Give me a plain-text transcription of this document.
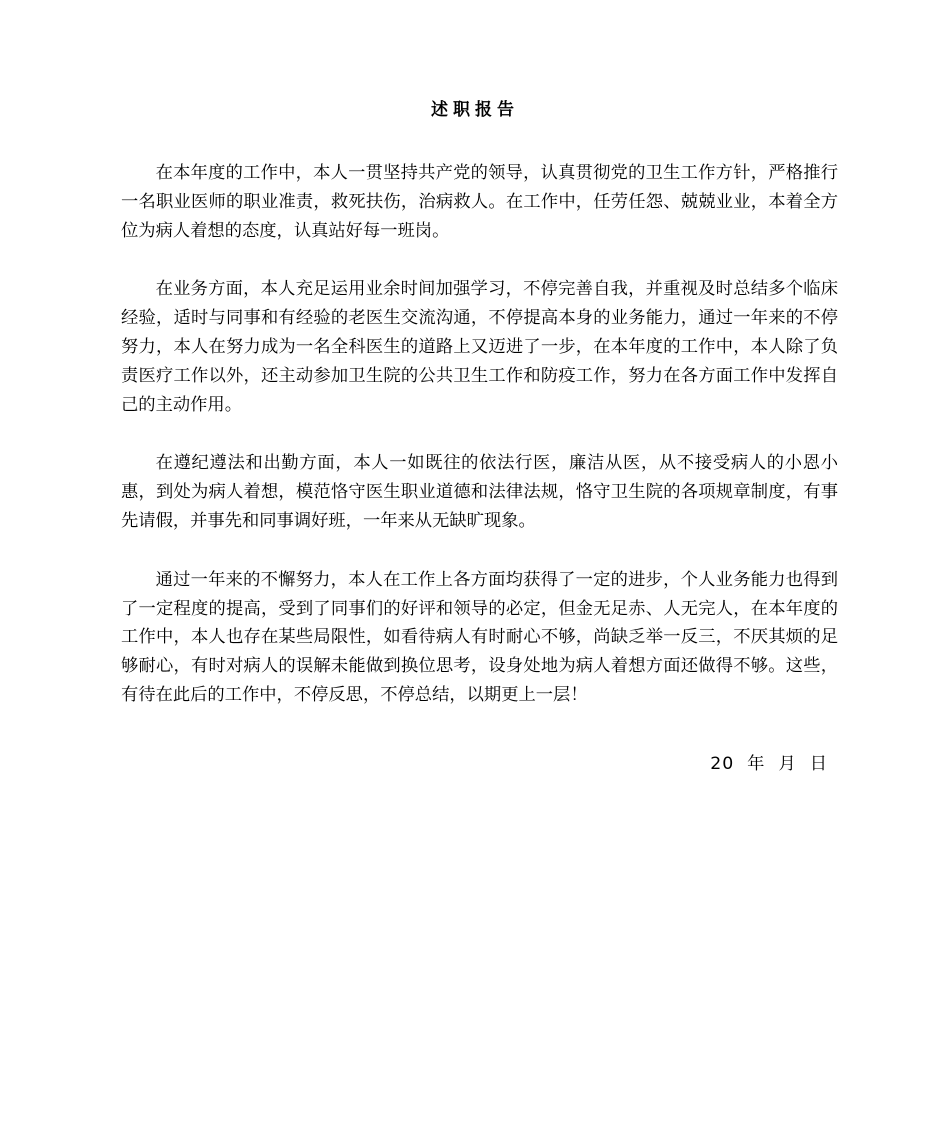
述职报告

在本年度的工作中，本人一贯坚持共产党的领导，认真贯彻党的卫生工作方针，严格推行一名职业医师的职业准责，救死扶伤，治病救人。在工作中，任劳任怨、兢兢业业，本着全方位为病人着想的态度，认真站好每一班岗。

在业务方面，本人充足运用业余时间加强学习，不停完善自我，并重视及时总结多个临床经验，适时与同事和有经验的老医生交流沟通，不停提高本身的业务能力，通过一年来的不停努力，本人在努力成为一名全科医生的道路上又迈进了一步，在本年度的工作中，本人除了负责医疗工作以外，还主动参加卫生院的公共卫生工作和防疫工作，努力在各方面工作中发挥自己的主动作用。

在遵纪遵法和出勤方面，本人一如既往的依法行医，廉洁从医，从不接受病人的小恩小惠，到处为病人着想，模范恪守医生职业道德和法律法规，恪守卫生院的各项规章制度，有事先请假，并事先和同事调好班，一年来从无缺旷现象。

通过一年来的不懈努力，本人在工作上各方面均获得了一定的进步，个人业务能力也得到了一定程度的提高，受到了同事们的好评和领导的必定，但金无足赤、人无完人，在本年度的工作中，本人也存在某些局限性，如看待病人有时耐心不够，尚缺乏举一反三，不厌其烦的足够耐心，有时对病人的误解未能做到换位思考，设身处地为病人着想方面还做得不够。这些，有待在此后的工作中，不停反思，不停总结，以期更上一层！

20  年  月  日
